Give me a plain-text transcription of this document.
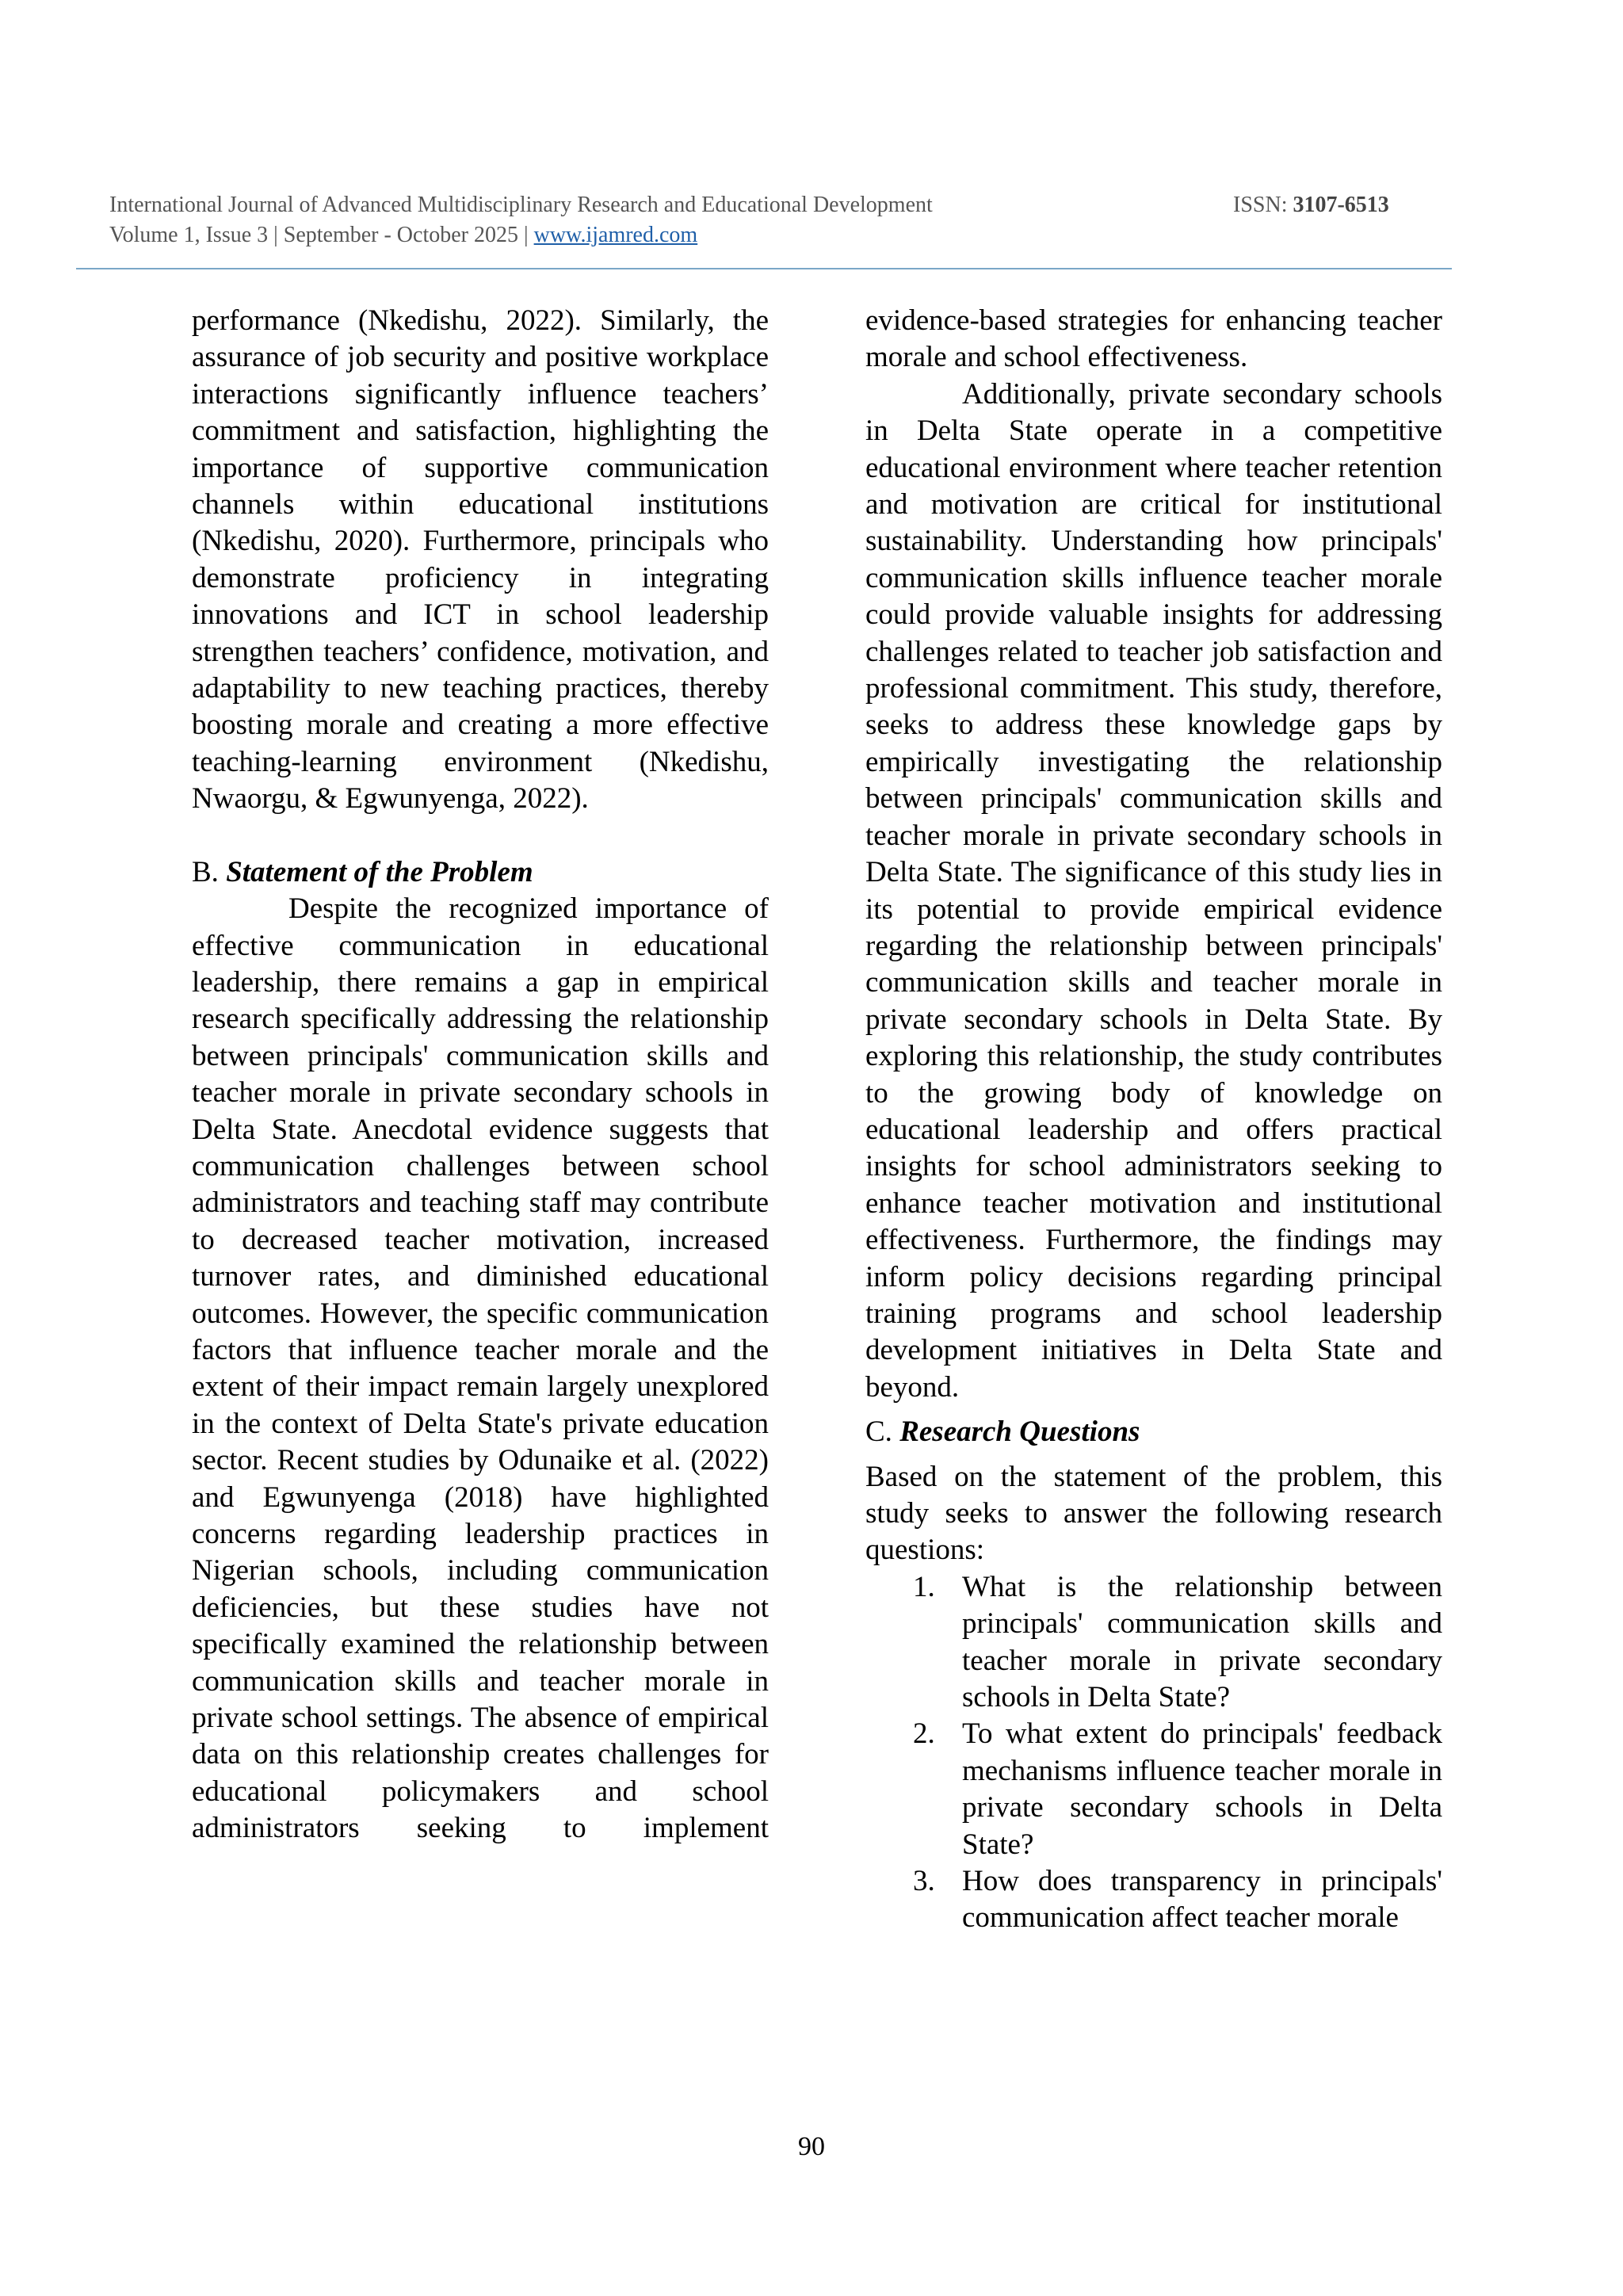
International Journal of Advanced Multidisciplinary Research and Educational Development	ISSN: 3107-6513
Volume 1, Issue 3 | September - October 2025 | www.ijamred.com

performance (Nkedishu, 2022). Similarly, the assurance of job security and positive workplace interactions significantly influence teachers’ commitment and satisfaction, highlighting the importance of supportive communication channels within educational institutions (Nkedishu, 2020). Furthermore, principals who demonstrate proficiency in integrating innovations and ICT in school leadership strengthen teachers’ confidence, motivation, and adaptability to new teaching practices, thereby boosting morale and creating a more effective teaching-learning environment (Nkedishu, Nwaorgu, & Egwunyenga, 2022).

B. Statement of the Problem

Despite the recognized importance of effective communication in educational leadership, there remains a gap in empirical research specifically addressing the relationship between principals' communication skills and teacher morale in private secondary schools in Delta State. Anecdotal evidence suggests that communication challenges between school administrators and teaching staff may contribute to decreased teacher motivation, increased turnover rates, and diminished educational outcomes. However, the specific communication factors that influence teacher morale and the extent of their impact remain largely unexplored in the context of Delta State's private education sector. Recent studies by Odunaike et al. (2022) and Egwunyenga (2018) have highlighted concerns regarding leadership practices in Nigerian schools, including communication deficiencies, but these studies have not specifically examined the relationship between communication skills and teacher morale in private school settings. The absence of empirical data on this relationship creates challenges for educational policymakers and school administrators seeking to implement

evidence-based strategies for enhancing teacher morale and school effectiveness.

Additionally, private secondary schools in Delta State operate in a competitive educational environment where teacher retention and motivation are critical for institutional sustainability. Understanding how principals' communication skills influence teacher morale could provide valuable insights for addressing challenges related to teacher job satisfaction and professional commitment. This study, therefore, seeks to address these knowledge gaps by empirically investigating the relationship between principals' communication skills and teacher morale in private secondary schools in Delta State. The significance of this study lies in its potential to provide empirical evidence regarding the relationship between principals' communication skills and teacher morale in private secondary schools in Delta State. By exploring this relationship, the study contributes to the growing body of knowledge on educational leadership and offers practical insights for school administrators seeking to enhance teacher motivation and institutional effectiveness. Furthermore, the findings may inform policy decisions regarding principal training programs and school leadership development initiatives in Delta State and beyond.

C. Research Questions

Based on the statement of the problem, this study seeks to answer the following research questions:

1. What is the relationship between principals' communication skills and teacher morale in private secondary schools in Delta State?
2. To what extent do principals' feedback mechanisms influence teacher morale in private secondary schools in Delta State?
3. How does transparency in principals' communication affect teacher morale
90
